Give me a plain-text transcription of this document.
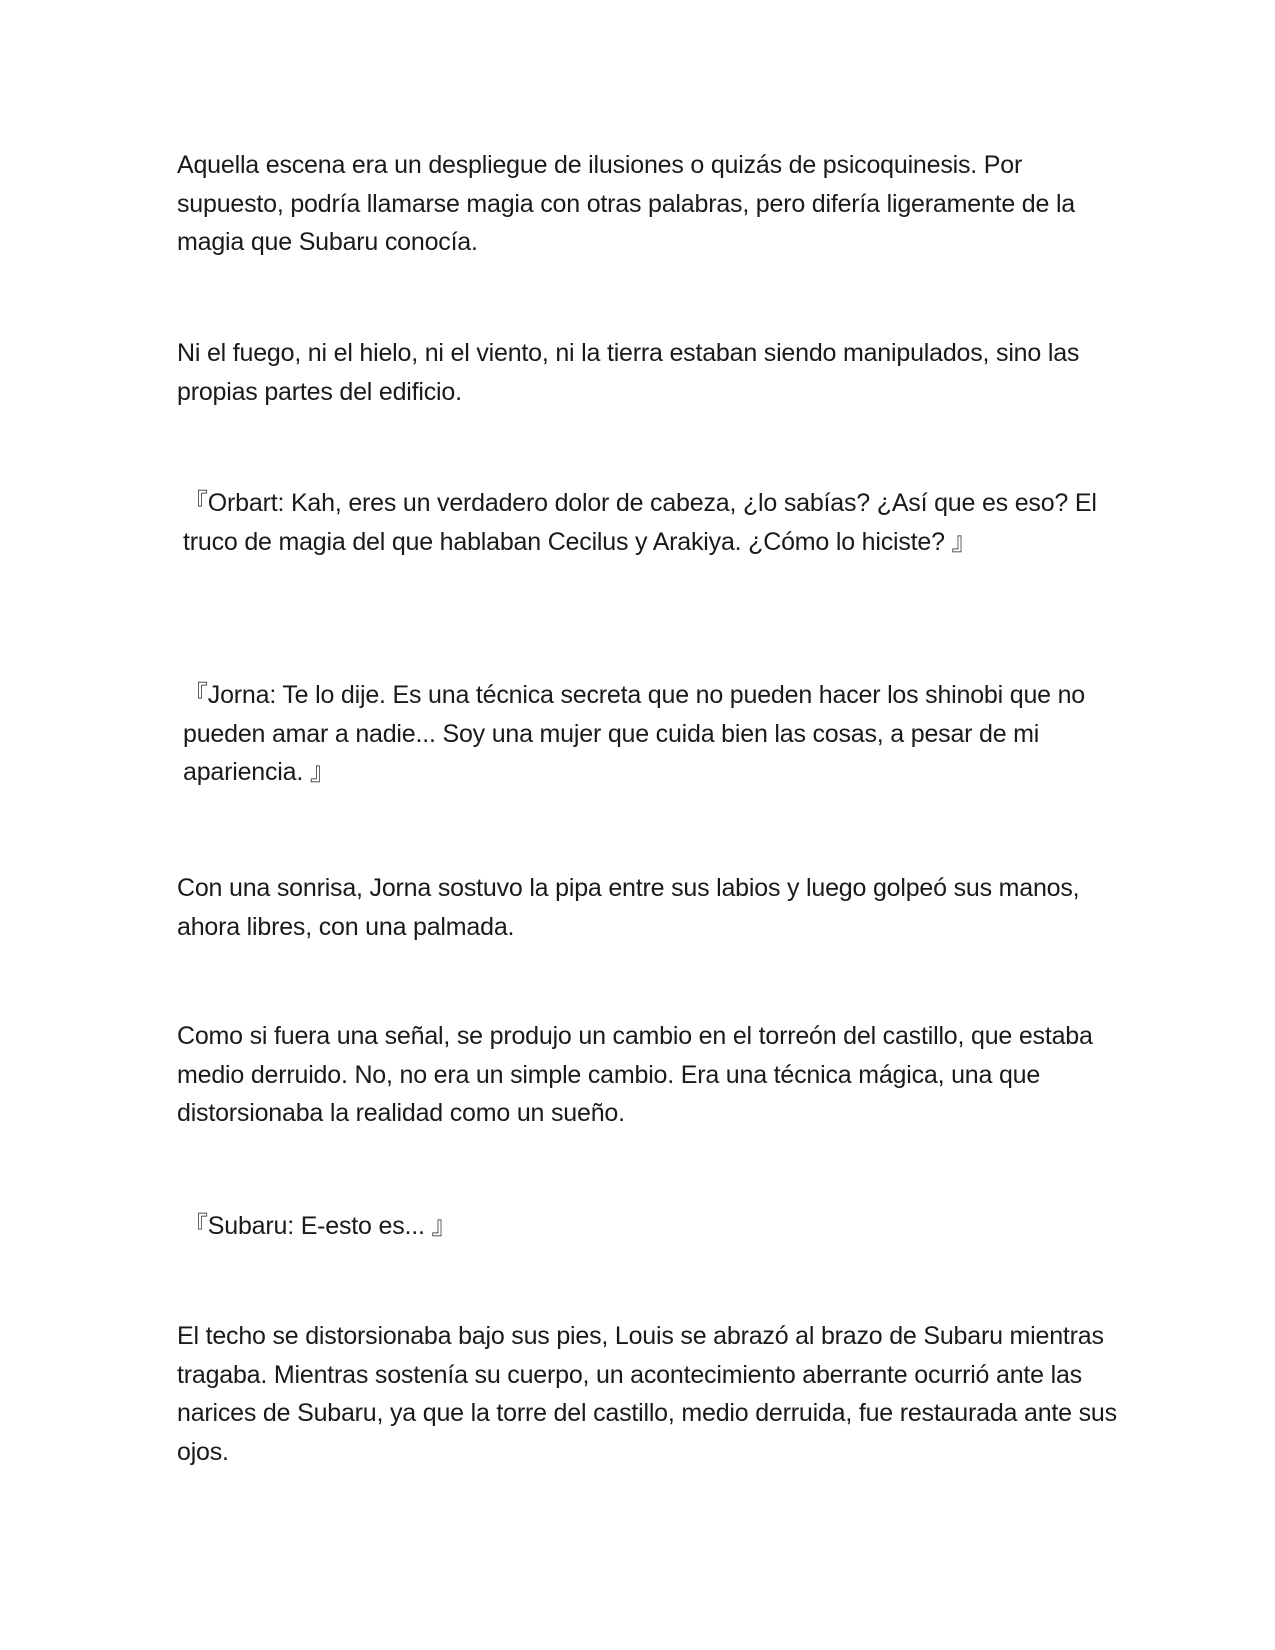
Aquella escena era un despliegue de ilusiones o quizás de psicoquinesis. Por supuesto, podría llamarse magia con otras palabras, pero difería ligeramente de la magia que Subaru conocía.

Ni el fuego, ni el hielo, ni el viento, ni la tierra estaban siendo manipulados, sino las propias partes del edificio.

『Orbart: Kah, eres un verdadero dolor de cabeza, ¿lo sabías? ¿Así que es eso? El truco de magia del que hablaban Cecilus y Arakiya. ¿Cómo lo hiciste? 』

『Jorna: Te lo dije. Es una técnica secreta que no pueden hacer los shinobi que no pueden amar a nadie... Soy una mujer que cuida bien las cosas, a pesar de mi apariencia. 』

Con una sonrisa, Jorna sostuvo la pipa entre sus labios y luego golpeó sus manos, ahora libres, con una palmada.

Como si fuera una señal, se produjo un cambio en el torreón del castillo, que estaba medio derruido. No, no era un simple cambio. Era una técnica mágica, una que distorsionaba la realidad como un sueño.

『Subaru: E-esto es... 』

El techo se distorsionaba bajo sus pies, Louis se abrazó al brazo de Subaru mientras tragaba. Mientras sostenía su cuerpo, un acontecimiento aberrante ocurrió ante las narices de Subaru, ya que la torre del castillo, medio derruida, fue restaurada ante sus ojos.
